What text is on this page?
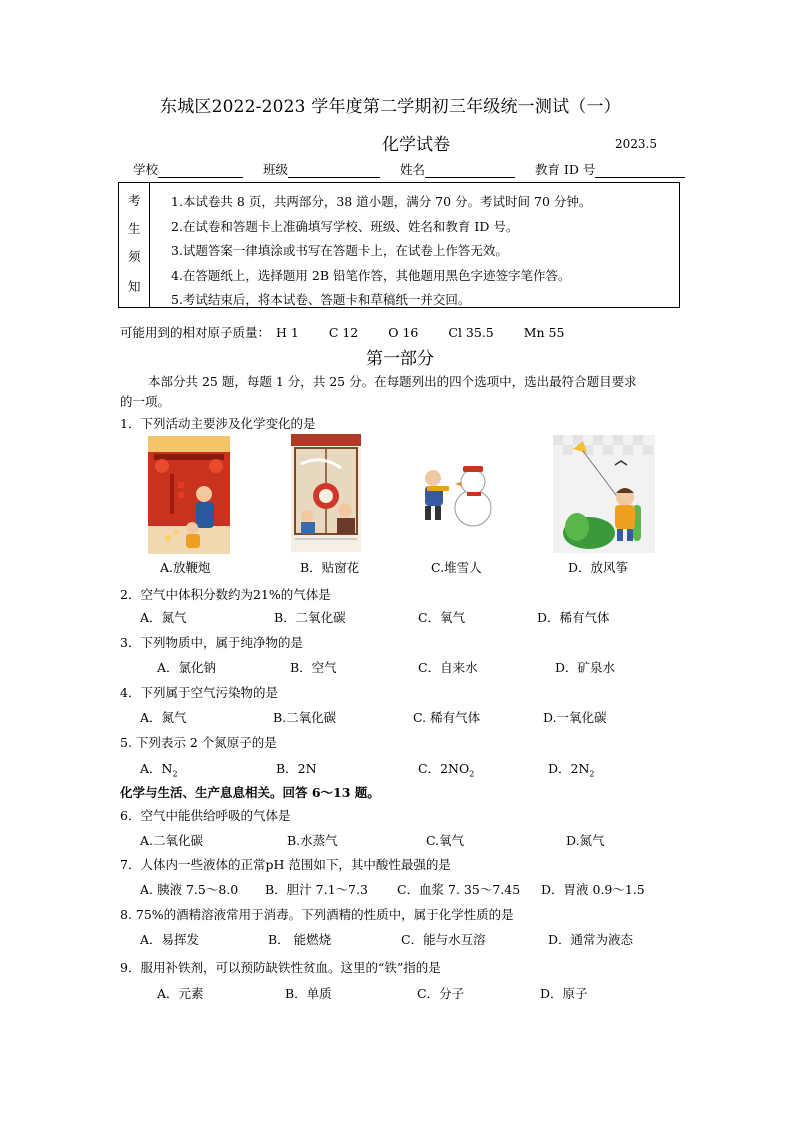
东城区2022-2023 学年度第二学期初三年级统一测试（一）
化学试卷	2023.5
学校	班级	姓名	教育 ID 号
考
生
须
知
1.本试卷共 8 页，共两部分，38 道小题，满分 70 分。考试时间 70 分钟。
2.在试卷和答题卡上准确填写学校、班级、姓名和教育 ID 号。
3.试题答案一律填涂或书写在答题卡上，在试卷上作答无效。
4.在答题纸上，选择题用 2B 铅笔作答，其他题用黑色字迹签字笔作答。
5.考试结束后，将本试卷、答题卡和草稿纸一并交回。
可能用到的相对原子质量： H 1 C 12 O 16 Cl 35.5 Mn 55
第一部分
本部分共 25 题，每题 1 分，共 25 分。在每题列出的四个选项中，选出最符合题目要求
的一项。
1．下列活动主要涉及化学变化的是
A.放鞭炮	B．贴窗花	C.堆雪人	D．放风筝
2．空气中体积分数约为21%的气体是
A．氮气	B．二氧化碳	C．氧气	D．稀有气体
3．下列物质中，属于纯净物的是
A．氯化钠	B．空气	C．自来水	D．矿泉水
4．下列属于空气污染物的是
A．氮气	B.二氧化碳	C. 稀有气体	D.一氧化碳
5. 下列表示 2 个氮原子的是
A．$N_2$	B．2N	C．$2NO_2$	D．$2N_2$
化学与生活、生产息息相关。回答 6～13 题。
6．空气中能供给呼吸的气体是
A.二氧化碳	B.水蒸气	C.氧气	D.氮气
7．人体内一些液体的正常pH 范围如下，其中酸性最强的是
A. 胰液 7.5～8.0 B．胆汁 7.1～7.3 C．血浆 7. 35～7.45 D．胃液 0.9～1.5
8. 75%的酒精溶液常用于消毒。下列酒精的性质中，属于化学性质的是
A．易挥发	B． 能燃烧	C．能与水互溶	D．通常为液态
9．服用补铁剂，可以预防缺铁性贫血。这里的“铁”指的是
A．元素	B．单质	C．分子	D．原子
